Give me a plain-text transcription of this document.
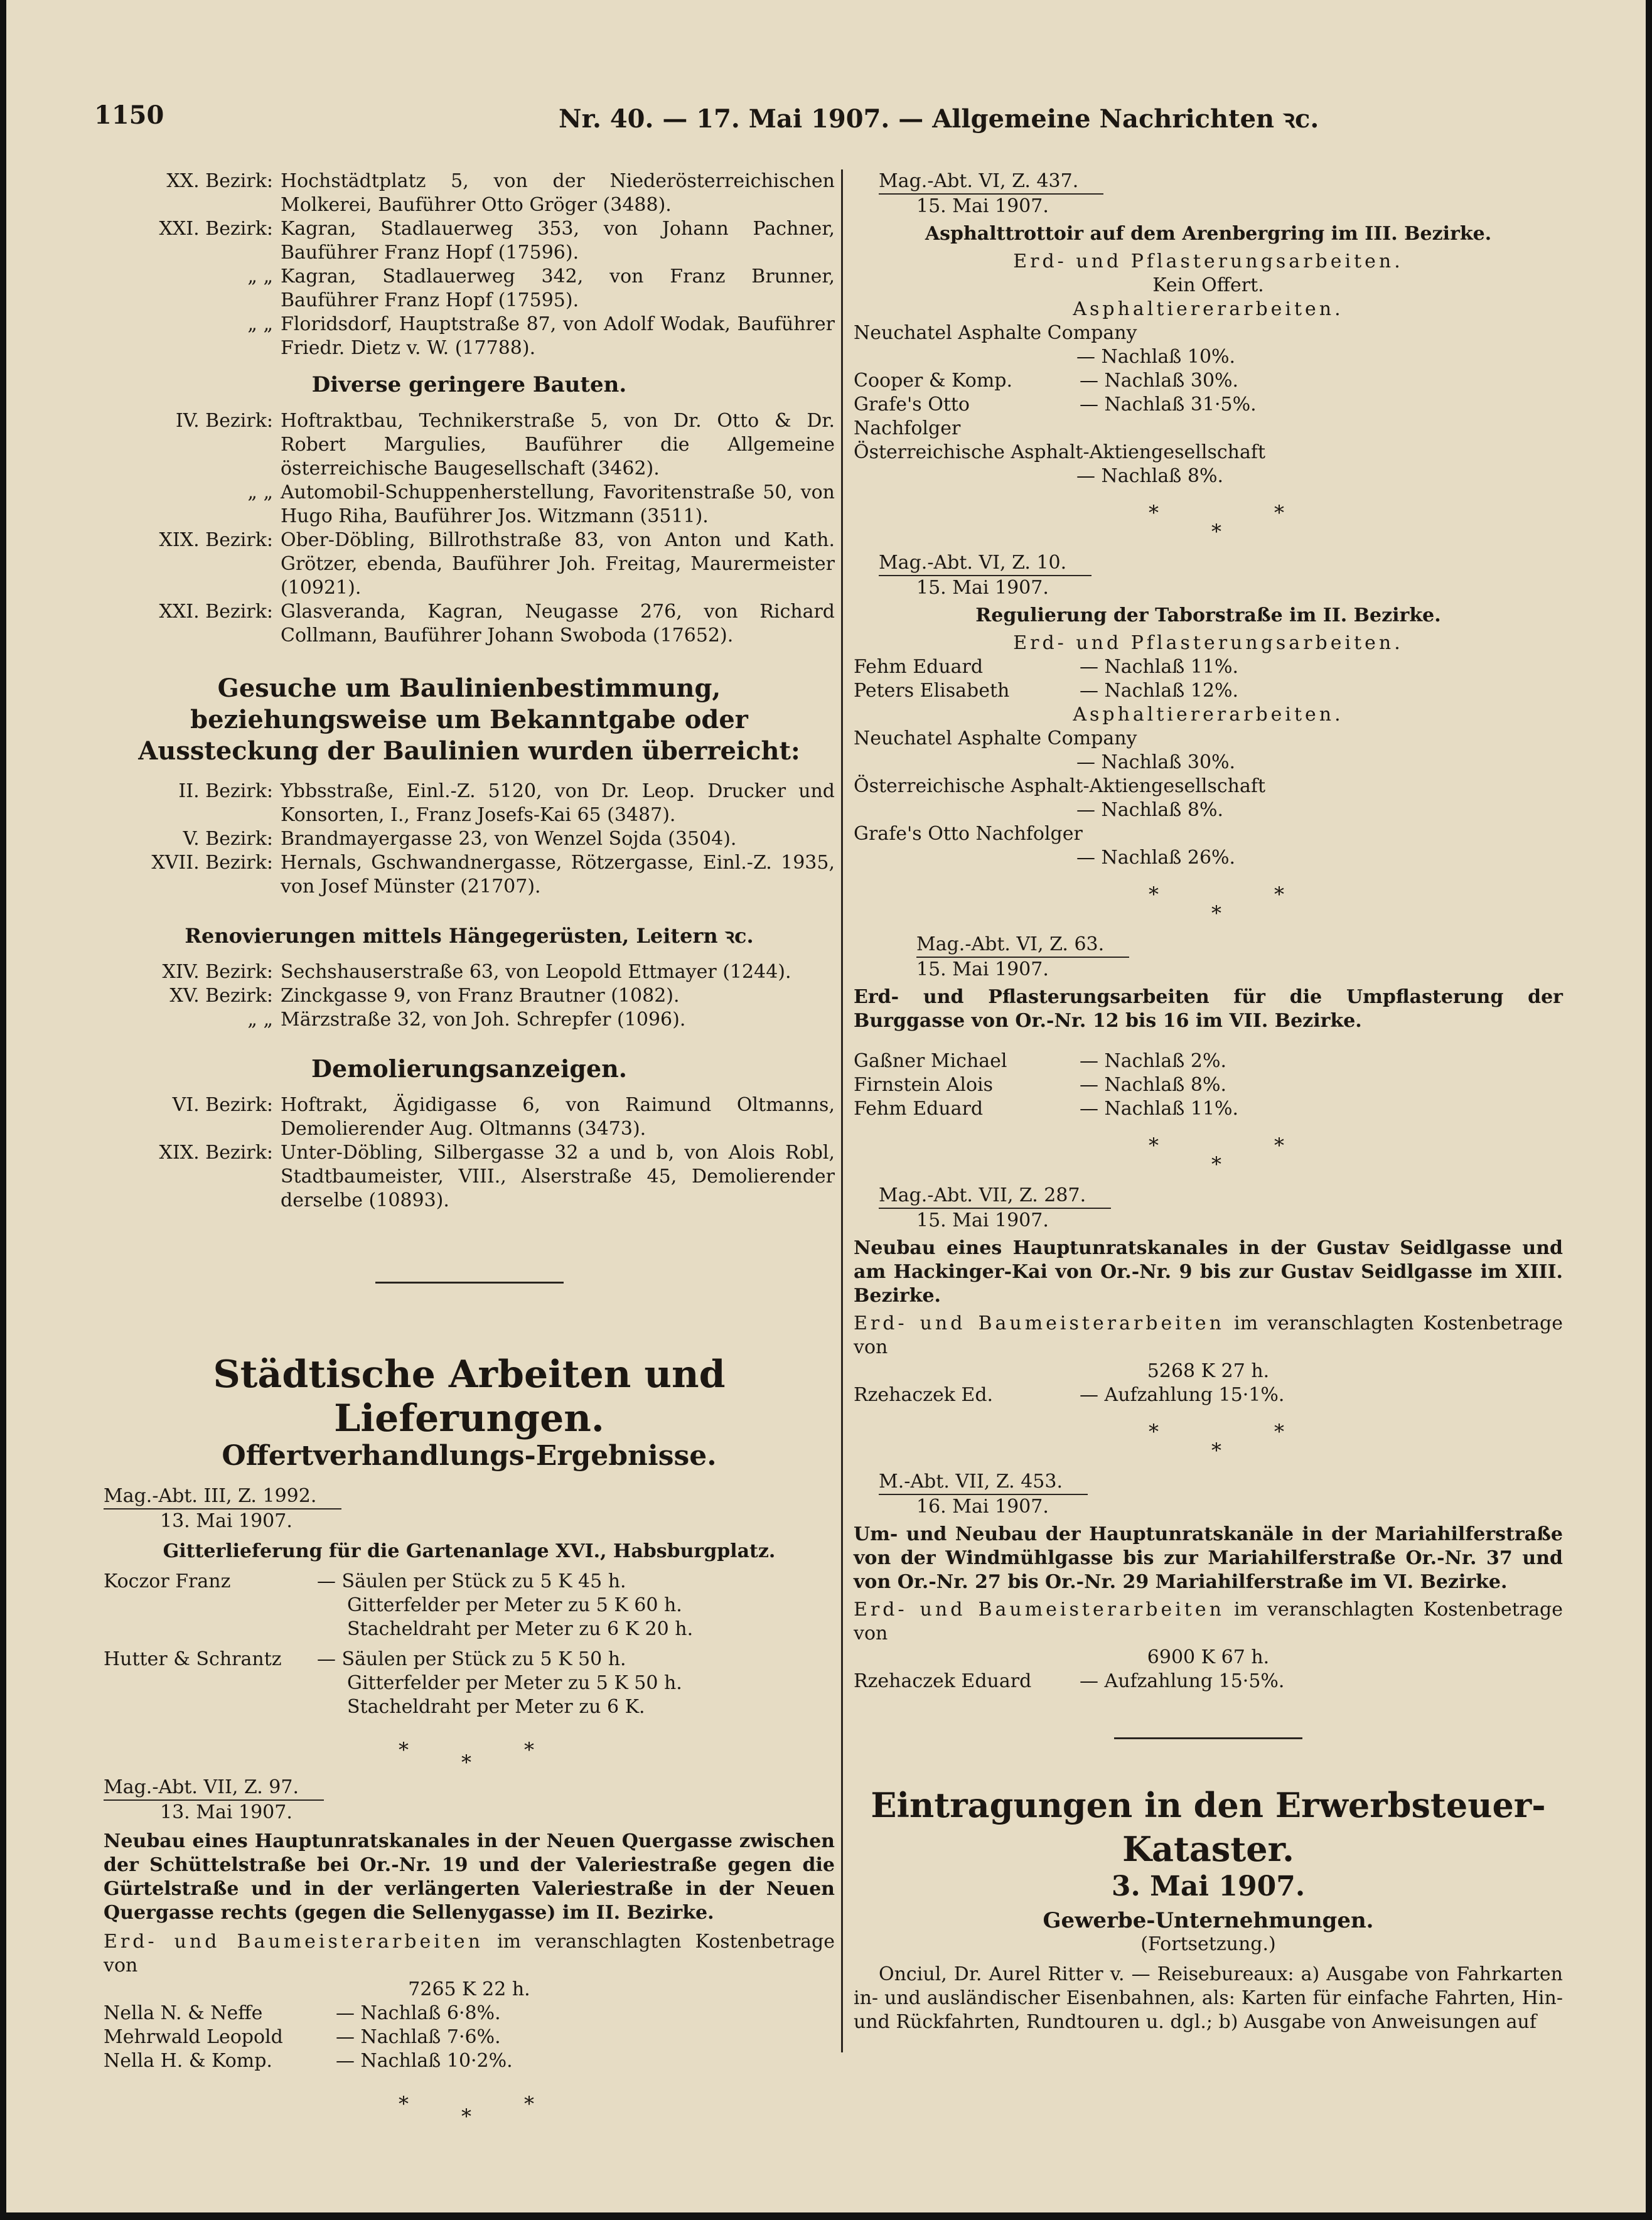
1150	Nr. 40. — 17. Mai 1907. — Allgemeine Nachrichten ꝛc.
XX. Bezirk: Hochstädtplatz 5, von der Niederösterreichischen Molkerei, Bauführer Otto Gröger (3488).
XXI. Bezirk: Kagran, Stadlauerweg 353, von Johann Pachner, Bauführer Franz Hopf (17596).
„ „ Kagran, Stadlauerweg 342, von Franz Brunner, Bauführer Franz Hopf (17595).
„ „ Floridsdorf, Hauptstraße 87, von Adolf Wodak, Bauführer Friedr. Dietz v. W. (17788).

Diverse geringere Bauten.

IV. Bezirk: Hoftraktbau, Technikerstraße 5, von Dr. Otto & Dr. Robert Margulies, Bauführer die Allgemeine österreichische Baugesellschaft (3462).
„ „ Automobil-Schuppenherstellung, Favoritenstraße 50, von Hugo Riha, Bauführer Jos. Witzmann (3511).
XIX. Bezirk: Ober-Döbling, Billrothstraße 83, von Anton und Kath. Grötzer, ebenda, Bauführer Joh. Freitag, Maurermeister (10921).
XXI. Bezirk: Glasveranda, Kagran, Neugasse 276, von Richard Collmann, Bauführer Johann Swoboda (17652).

Gesuche um Baulinienbestimmung, beziehungsweise um Bekanntgabe oder Aussteckung der Baulinien wurden überreicht:

II. Bezirk: Ybbsstraße, Einl.-Z. 5120, von Dr. Leop. Drucker und Konsorten, I., Franz Josefs-Kai 65 (3487).
V. Bezirk: Brandmayergasse 23, von Wenzel Sojda (3504).
XVII. Bezirk: Hernals, Gschwandnergasse, Rötzergasse, Einl.-Z. 1935, von Josef Münster (21707).

Renovierungen mittels Hängegerüsten, Leitern ꝛc.

XIV. Bezirk: Sechshauserstraße 63, von Leopold Ettmayer (1244).
XV. Bezirk: Zinckgasse 9, von Franz Brautner (1082).
„ „ Märzstraße 32, von Joh. Schrepfer (1096).

Demolierungsanzeigen.

VI. Bezirk: Hoftrakt, Ägidigasse 6, von Raimund Oltmanns, Demolierender Aug. Oltmanns (3473).
XIX. Bezirk: Unter-Döbling, Silbergasse 32 a und b, von Alois Robl, Stadtbaumeister, VIII., Alserstraße 45, Demolierender derselbe (10893).

Städtische Arbeiten und Lieferungen.

Offertverhandlungs-Ergebnisse.

Mag.-Abt. III, Z. 1992.

13. Mai 1907.

Gitterlieferung für die Gartenanlage XVI., Habsburgplatz.

Koczor Franz	— Säulen per Stück zu 5 K 45 h.
Gitterfelder per Meter zu 5 K 60 h.
Stacheldraht per Meter zu 6 K 20 h.
Hutter & Schrantz	— Säulen per Stück zu 5 K 50 h.
Gitterfelder per Meter zu 5 K 50 h.
Stacheldraht per Meter zu 6 K.
*
*
*

Mag.-Abt. VII, Z. 97.

13. Mai 1907.

Neubau eines Hauptunratskanales in der Neuen Quergasse zwischen der Schüttelstraße bei Or.-Nr. 19 und der Valeriestraße gegen die Gürtelstraße und in der verlängerten Valeriestraße in der Neuen Quergasse rechts (gegen die Sellenygasse) im II. Bezirke.

Erd- und Baumeisterarbeiten im veranschlagten Kostenbetrage von

7265 K 22 h.

Nella N. & Neffe	— Nachlaß 6·8%.
Mehrwald Leopold	— Nachlaß 7·6%.
Nella H. & Komp.	— Nachlaß 10·2%.
*
*
*

Mag.-Abt. VI, Z. 437.

15. Mai 1907.

Asphalttrottoir auf dem Arenbergring im III. Bezirke.

Erd- und Pflasterungsarbeiten.

Kein Offert.

Asphaltiererarbeiten.

Neuchatel Asphalte Company

— Nachlaß 10%.

Cooper & Komp.	— Nachlaß 30%.
Grafe's Otto Nachfolger
— Nachlaß 31·5%.

Österreichische Asphalt-Aktiengesellschaft

— Nachlaß 8%.

*
*
*

Mag.-Abt. VI, Z. 10.

15. Mai 1907.

Regulierung der Taborstraße im II. Bezirke.

Erd- und Pflasterungsarbeiten.

Fehm Eduard	— Nachlaß 11%.
Peters Elisabeth	— Nachlaß 12%.

Asphaltiererarbeiten.

Neuchatel Asphalte Company

— Nachlaß 30%.

Österreichische Asphalt-Aktiengesellschaft

— Nachlaß 8%.

Grafe's Otto Nachfolger

— Nachlaß 26%.

*
*
*

Mag.-Abt. VI, Z. 63.

15. Mai 1907.

Erd- und Pflasterungsarbeiten für die Umpflasterung der Burggasse von Or.-Nr. 12 bis 16 im VII. Bezirke.

Gaßner Michael	— Nachlaß 2%.
Firnstein Alois	— Nachlaß 8%.
Fehm Eduard	— Nachlaß 11%.
*
*
*

Mag.-Abt. VII, Z. 287.

15. Mai 1907.

Neubau eines Hauptunratskanales in der Gustav Seidlgasse und am Hackinger-Kai von Or.-Nr. 9 bis zur Gustav Seidlgasse im XIII. Bezirke.

Erd- und Baumeisterarbeiten im veranschlagten Kostenbetrage von

5268 K 27 h.

Rzehaczek Ed.	— Aufzahlung 15·1%.
*
*
*

M.-Abt. VII, Z. 453.

16. Mai 1907.

Um- und Neubau der Hauptunratskanäle in der Mariahilferstraße von der Windmühlgasse bis zur Mariahilferstraße Or.-Nr. 37 und von Or.-Nr. 27 bis Or.-Nr. 29 Mariahilferstraße im VI. Bezirke.

Erd- und Baumeisterarbeiten im veranschlagten Kostenbetrage von

6900 K 67 h.

Rzehaczek Eduard	— Aufzahlung 15·5%.

Eintragungen in den Erwerbsteuer-Kataster.

3. Mai 1907.

Gewerbe-Unternehmungen.

(Fortsetzung.)

Onciul, Dr. Aurel Ritter v. — Reisebureaux: a) Ausgabe von Fahrkarten in- und ausländischer Eisenbahnen, als: Karten für einfache Fahrten, Hin- und Rückfahrten, Rundtouren u. dgl.; b) Ausgabe von Anweisungen auf
